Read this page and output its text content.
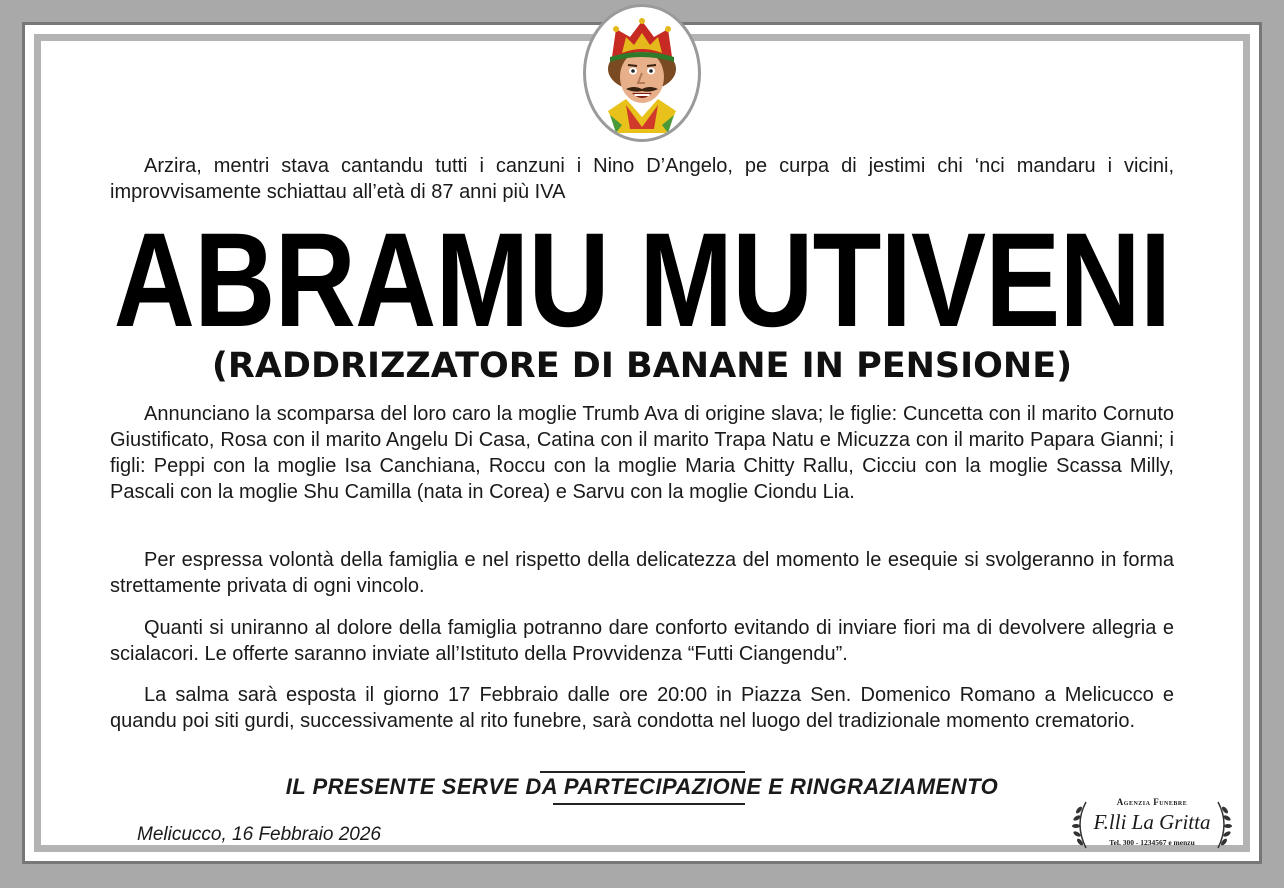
Arzira, mentri stava cantandu tutti i canzuni i Nino D’Angelo, pe curpa di jestimi chi ‘nci mandaru i vicini, improvvisamente schiattau all’età di 87 anni più IVA
ABRAMU MUTIVENI
(RADDRIZZATORE DI BANANE IN PENSIONE)
Annunciano la scomparsa del loro caro la moglie Trumb Ava di origine slava; le figlie: Cuncetta con il marito Cornuto Giustificato, Rosa con il marito Angelu Di Casa, Catina con il marito Trapa Natu e Micuzza con il marito Papara Gianni; i figli: Peppi con la moglie Isa Canchiana, Roccu con la moglie Maria Chitty Rallu, Cicciu con la moglie Scassa Milly, Pascali con la moglie Shu Camilla (nata in Corea) e Sarvu con la moglie Ciondu Lia.
Per espressa volontà della famiglia e nel rispetto della delicatezza del momento le esequie si svolgeranno in forma strettamente privata di ogni vincolo.
Quanti si uniranno al dolore della famiglia potranno dare conforto evitando di inviare fiori ma di devolvere allegria e scialacori. Le offerte saranno inviate all’Istituto della Provvidenza “Futti Ciangendu”.
La salma sarà esposta il giorno 17 Febbraio dalle ore 20:00 in Piazza Sen. Domenico Romano a Melicucco e quandu poi siti gurdi, successivamente al rito funebre, sarà condotta nel luogo del tradizionale momento crematorio.
IL PRESENTE SERVE DA PARTECIPAZIONE E RINGRAZIAMENTO
Melicucco, 16 Febbraio 2026
Agenzia Funebre
F.lli La Gritta
Tel. 300 - 1234567 e menzu
